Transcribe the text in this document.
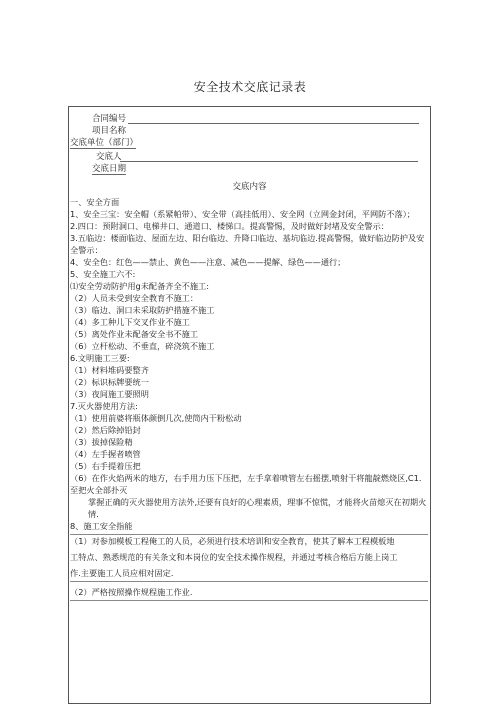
安全技术交底记录表
合同编号
项目名称
交底单位（部门）
交底人
交底日期
交底内容
一、安全方面
1、安全三宝：安全帽（系紧帕带）、安全带（高挂低用）、安全网（立网金封闭，平网防不落）；
2.四口：预附洞口、电梯井口、通道口、楼悌口。提高警惕，及时做好封堵及安全警示：
3.五临边：楼面临边、屋面左边、阳台临边、升降口临边、基坑临边.提高警惕，做好临边防护及安全警示：
4、安全色：红色——禁止、黄色——注意、减色——提解、绿色——通行；
5、安全施工六不:
⑴安全劳动防护用g未配备齐全不施工:
（2）人员未受到安全教育不施工：
（3）临边、洞口未采取防护措施不施工
（4）多工种儿下交叉作业不施工
（5）离处作业未配备安全书不施工
（6）立杆松动、不垂直，碎浇筑不施工
6.文明施工三要:
（1）材料堆码要整齐
（2）标识标牌要统一
（3）夜间施工要照明
7.灭火器使用方法:
（1）使用前婆将瓶体颜倒几次,使筒内干粉松动
（2）然后除掉铅封
（3）拔掉保险精
（4）左手握者喷管
（5）右手提着压把
（6）在作火焰两米的地方，右手用力压下压把，左手拿着喷管左右摇摆,喷射干将龍靛燃烧区,C1.至把火全部扑灭
掌握正确的灭火器使用方法外,还要有良好的心理素质，理事不惊慌，才能将火苗熄灭在初期火情.
8、施工安全指能
（1）对参加模板工程俺工的人员，必须进行技术培训和安全教育，使其了解本工程模板地
工特点、熟悉规范的有关条文和本岗位的安全技术操作规程，并通过考核合格后方能上岗工
作.主要施工人员应相对固定.
（2）严格按照操作规程施工作业.
